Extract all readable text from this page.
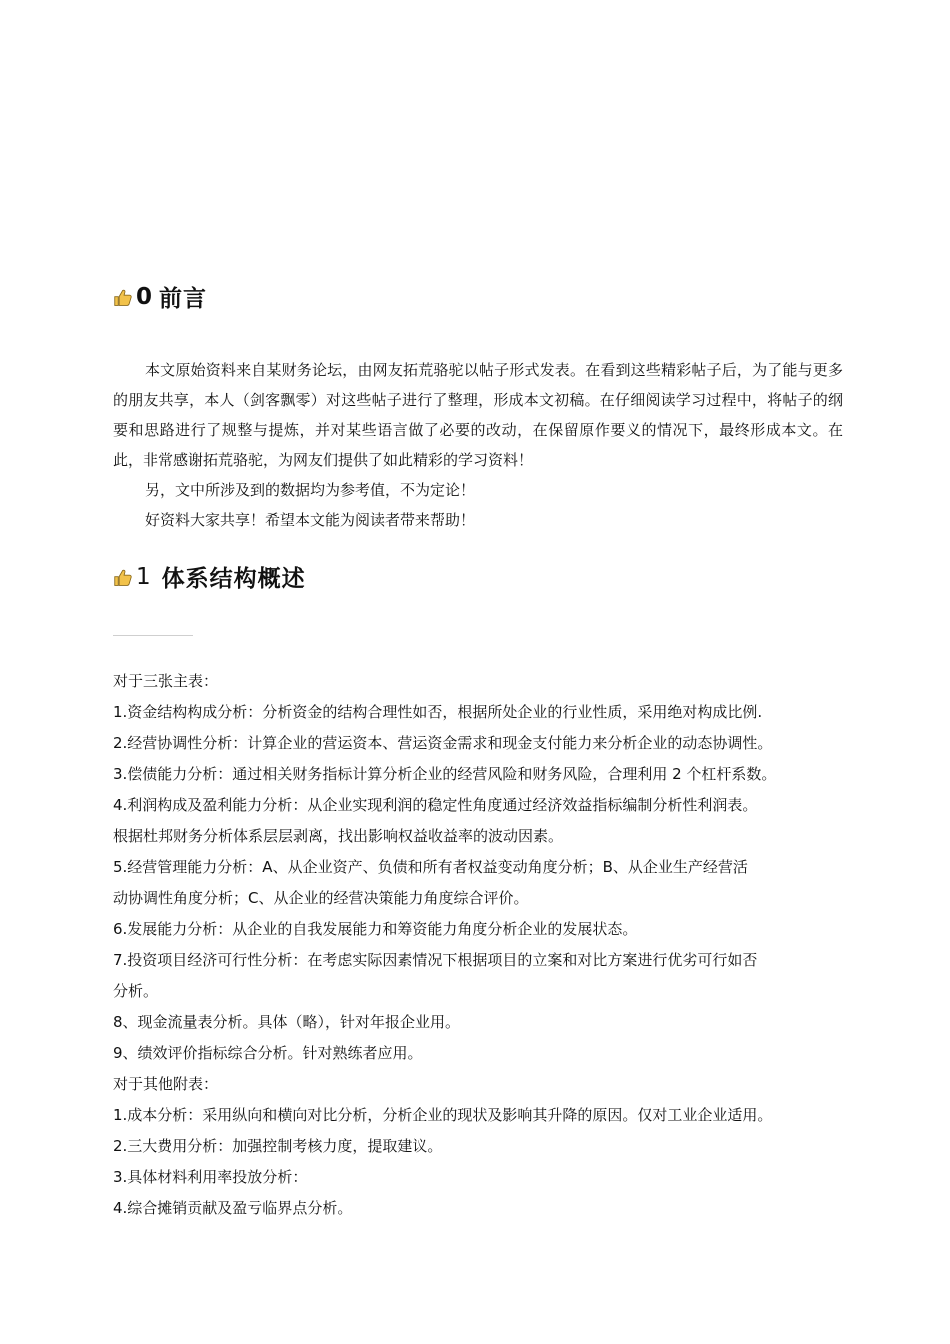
0 前言

本文原始资料来自某财务论坛，由网友拓荒骆驼以帖子形式发表。在看到这些精彩帖子后，为了能与更多的朋友共享，本人（剑客飘零）对这些帖子进行了整理，形成本文初稿。在仔细阅读学习过程中，将帖子的纲要和思路进行了规整与提炼，并对某些语言做了必要的改动，在保留原作要义的情况下，最终形成本文。在此，非常感谢拓荒骆驼，为网友们提供了如此精彩的学习资料！

另，文中所涉及到的数据均为参考值，不为定论！

好资料大家共享！希望本文能为阅读者带来帮助！

1 体系结构概述
对于三张主表：
1.资金结构构成分析：分析资金的结构合理性如否，根据所处企业的行业性质，采用绝对构成比例.
2.经营协调性分析：计算企业的营运资本、营运资金需求和现金支付能力来分析企业的动态协调性。
3.偿债能力分析：通过相关财务指标计算分析企业的经营风险和财务风险，合理利用 2 个杠杆系数。
4.利润构成及盈利能力分析：从企业实现利润的稳定性角度通过经济效益指标编制分析性利润表。
根据杜邦财务分析体系层层剥离，找出影响权益收益率的波动因素。
5.经营管理能力分析：A、从企业资产、负债和所有者权益变动角度分析；B、从企业生产经营活
动协调性角度分析；C、从企业的经营决策能力角度综合评价。
6.发展能力分析：从企业的自我发展能力和筹资能力角度分析企业的发展状态。
7.投资项目经济可行性分析：在考虑实际因素情况下根据项目的立案和对比方案进行优劣可行如否
分析。
8、现金流量表分析。具体（略），针对年报企业用。
9、绩效评价指标综合分析。针对熟练者应用。
对于其他附表：
1.成本分析：采用纵向和横向对比分析，分析企业的现状及影响其升降的原因。仅对工业企业适用。
2.三大费用分析：加强控制考核力度，提取建议。
3.具体材料利用率投放分析：
4.综合摊销贡献及盈亏临界点分析。
